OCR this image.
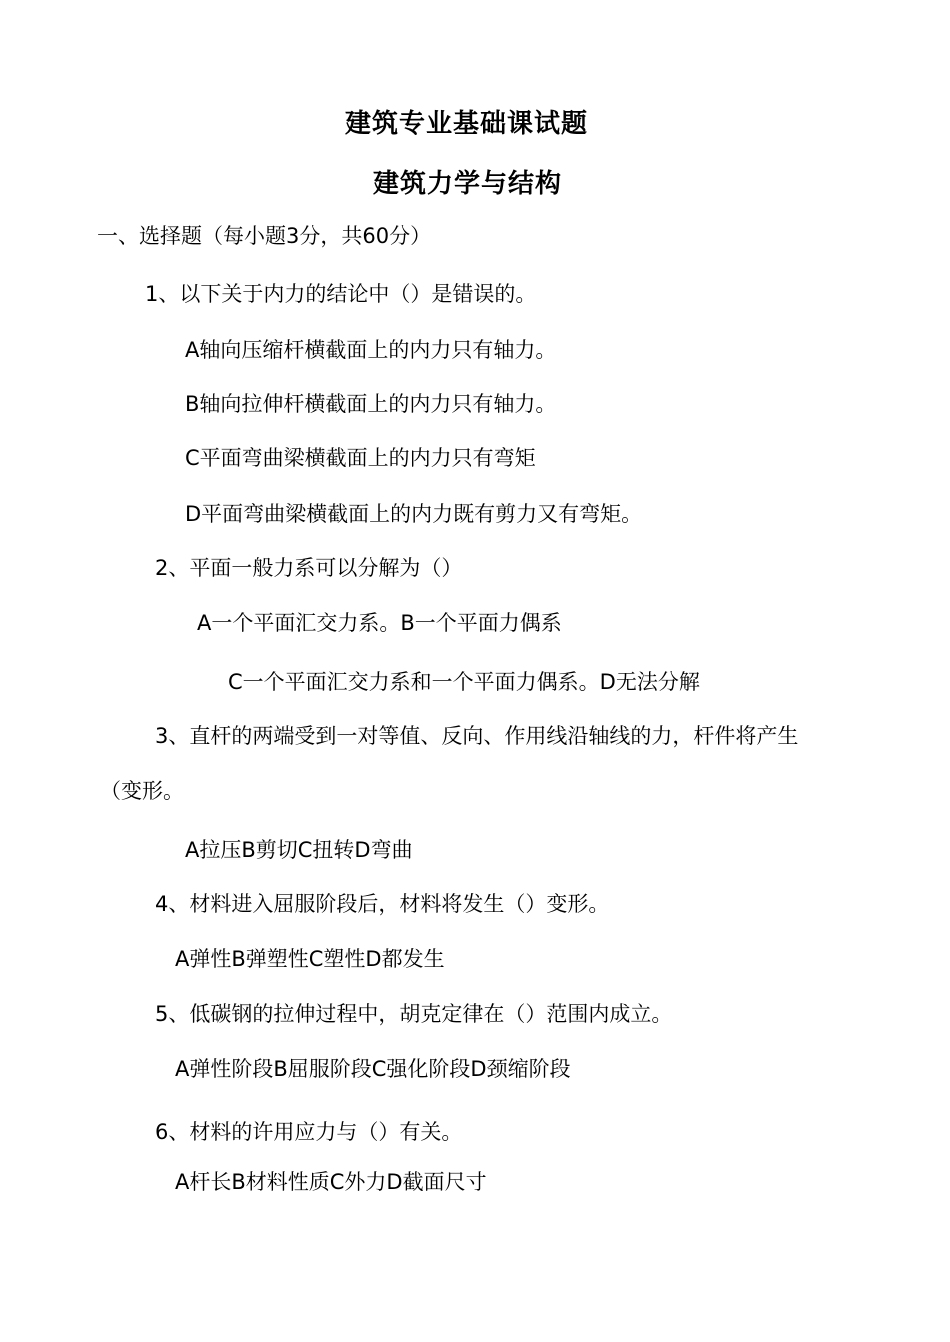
建筑专业基础课试题
建筑力学与结构
一、选择题（每小题3分，共60分）
1、以下关于内力的结论中（）是错误的。
A轴向压缩杆横截面上的内力只有轴力。
B轴向拉伸杆横截面上的内力只有轴力。
C平面弯曲梁横截面上的内力只有弯矩
D平面弯曲梁横截面上的内力既有剪力又有弯矩。
2、平面一般力系可以分解为（）
A一个平面汇交力系。B一个平面力偶系
C一个平面汇交力系和一个平面力偶系。D无法分解
3、直杆的两端受到一对等值、反向、作用线沿轴线的力，杆件将产生
（变形。
A拉压B剪切C扭转D弯曲
4、材料进入屈服阶段后，材料将发生（）变形。
A弹性B弹塑性C塑性D都发生
5、低碳钢的拉伸过程中，胡克定律在（）范围内成立。
A弹性阶段B屈服阶段C强化阶段D颈缩阶段
6、材料的许用应力与（）有关。
A杆长B材料性质C外力D截面尺寸
